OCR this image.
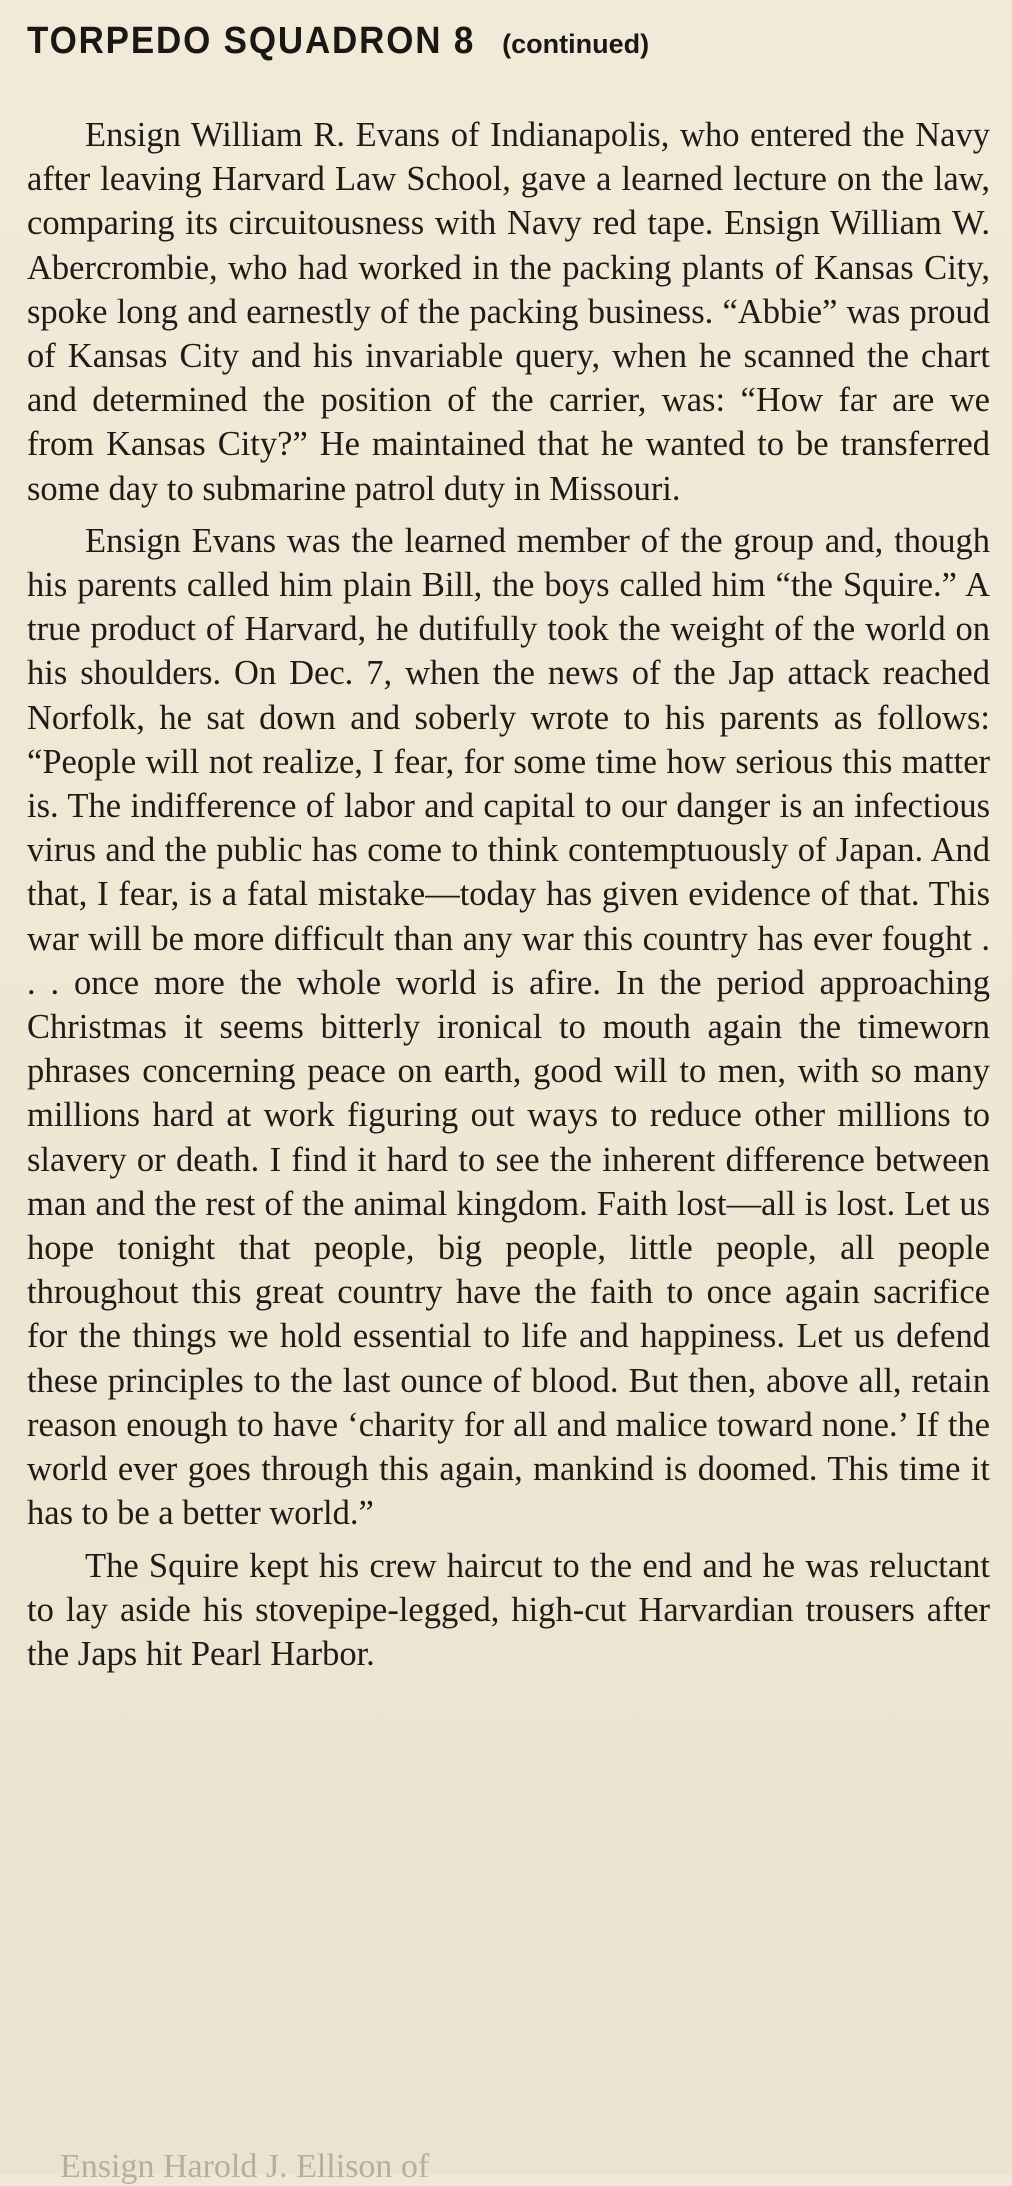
TORPEDO SQUADRON 8 (continued)

Ensign William R. Evans of Indianapolis, who entered the Navy after leaving Harvard Law School, gave a learned lecture on the law, comparing its circuitousness with Navy red tape. Ensign William W. Abercrombie, who had worked in the packing plants of Kansas City, spoke long and earnestly of the packing business. “Abbie” was proud of Kansas City and his invariable query, when he scanned the chart and determined the position of the carrier, was: “How far are we from Kansas City?” He maintained that he wanted to be transferred some day to submarine patrol duty in Missouri.

Ensign Evans was the learned member of the group and, though his parents called him plain Bill, the boys called him “the Squire.” A true product of Harvard, he dutifully took the weight of the world on his shoulders. On Dec. 7, when the news of the Jap attack reached Norfolk, he sat down and soberly wrote to his parents as follows: “People will not realize, I fear, for some time how serious this matter is. The indifference of labor and capital to our danger is an infectious virus and the public has come to think contemptuously of Japan. And that, I fear, is a fatal mistake—today has given evidence of that. This war will be more difficult than any war this country has ever fought . . . once more the whole world is afire. In the period approaching Christmas it seems bitterly ironical to mouth again the timeworn phrases concerning peace on earth, good will to men, with so many millions hard at work figuring out ways to reduce other millions to slavery or death. I find it hard to see the inherent difference between man and the rest of the animal kingdom. Faith lost—all is lost. Let us hope tonight that people, big people, little people, all people throughout this great country have the faith to once again sacrifice for the things we hold essential to life and happiness. Let us defend these principles to the last ounce of blood. But then, above all, retain reason enough to have ‘charity for all and malice toward none.’ If the world ever goes through this again, mankind is doomed. This time it has to be a better world.”

The Squire kept his crew haircut to the end and he was reluctant to lay aside his stovepipe-legged, high-cut Harvardian trousers after the Japs hit Pearl Harbor.

Ensign Harold J. Ellison of
